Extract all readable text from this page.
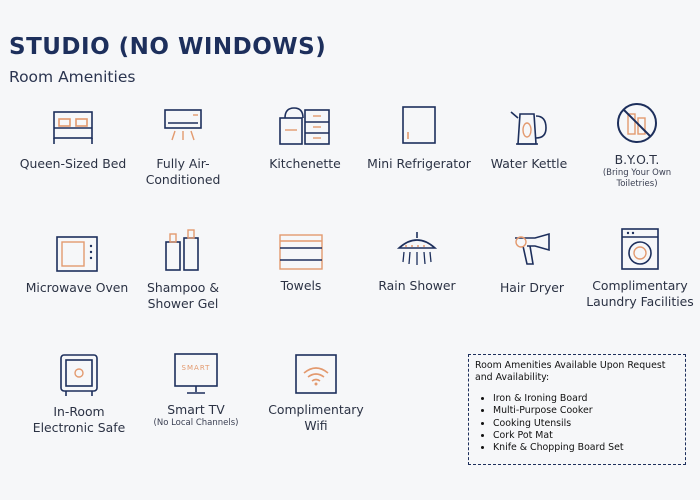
STUDIO (NO WINDOWS)

Room Amenities

Queen-Sized Bed	Fully Air-Conditioned
Kitchenette	Mini Refrigerator	Water Kettle	B.Y.O.T.
(Bring Your Own Toiletries)
Microwave Oven	Shampoo & Shower Gel
Towels	Rain Shower	Hair Dryer	Complimentary Laundry Facilities
In-Room Electronic Safe
SMART
Smart TV
(No Local Channels)
Complimentary Wifi
Room Amenities Available Upon Request and Availability:
• Iron & Ironing Board
• Multi-Purpose Cooker
• Cooking Utensils
• Cork Pot Mat
• Knife & Chopping Board Set
